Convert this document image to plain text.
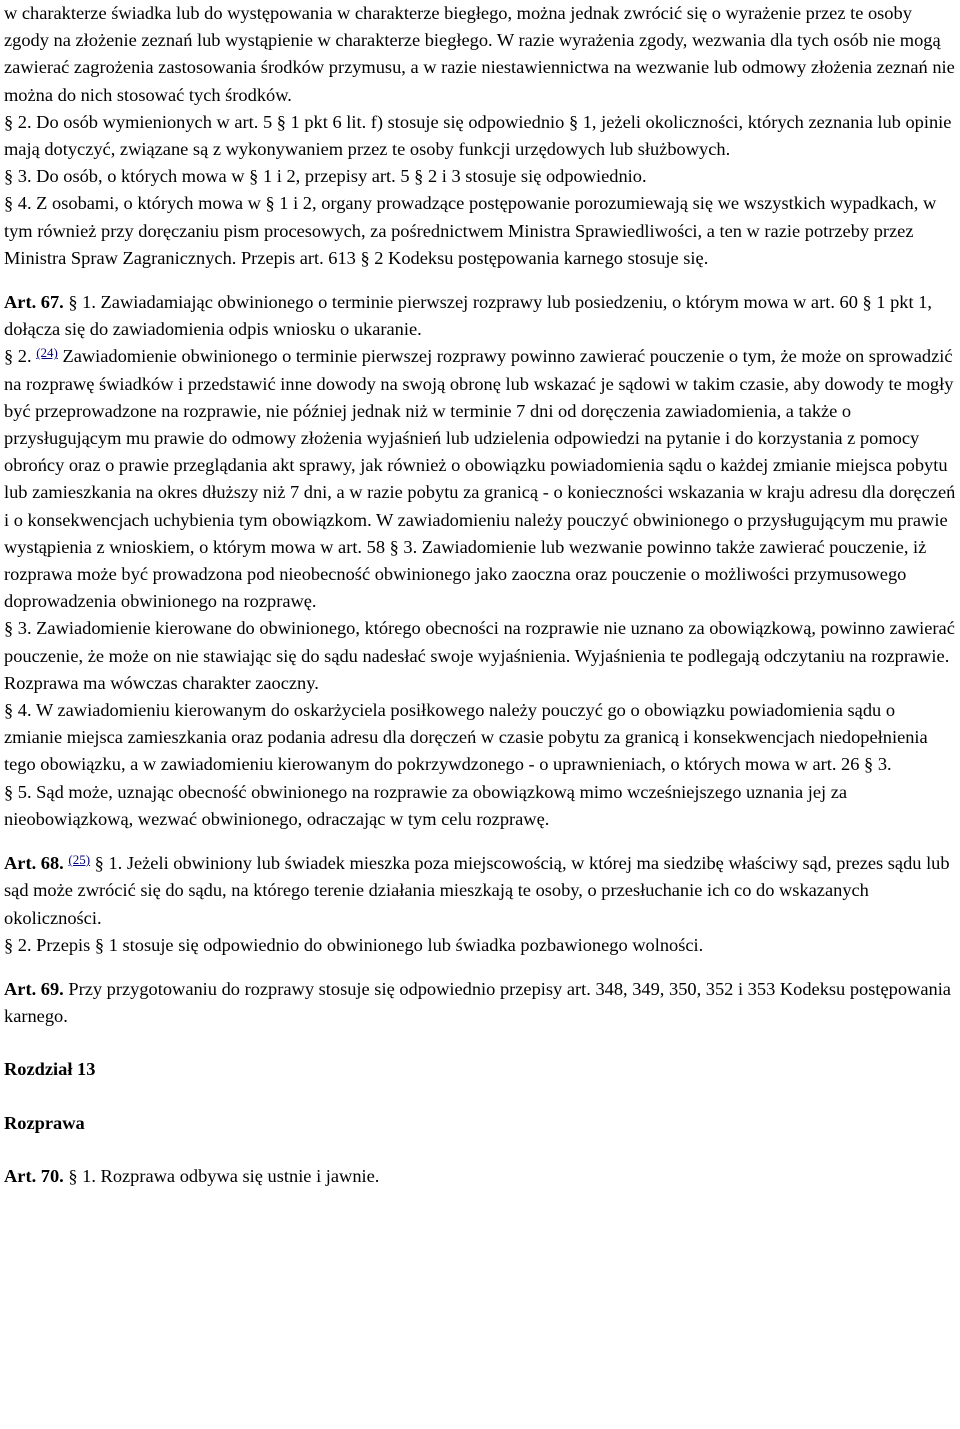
w charakterze świadka lub do występowania w charakterze biegłego, można jednak zwrócić się o wyrażenie przez te osoby zgody na złożenie zeznań lub wystąpienie w charakterze biegłego. W razie wyrażenia zgody, wezwania dla tych osób nie mogą zawierać zagrożenia zastosowania środków przymusu, a w razie niestawiennictwa na wezwanie lub odmowy złożenia zeznań nie można do nich stosować tych środków.

§ 2. Do osób wymienionych w art. 5 § 1 pkt 6 lit. f) stosuje się odpowiednio § 1, jeżeli okoliczności, których zeznania lub opinie mają dotyczyć, związane są z wykonywaniem przez te osoby funkcji urzędowych lub służbowych.

§ 3. Do osób, o których mowa w § 1 i 2, przepisy art. 5 § 2 i 3 stosuje się odpowiednio.

§ 4. Z osobami, o których mowa w § 1 i 2, organy prowadzące postępowanie porozumiewają się we wszystkich wypadkach, w tym również przy doręczaniu pism procesowych, za pośrednictwem Ministra Sprawiedliwości, a ten w razie potrzeby przez Ministra Spraw Zagranicznych. Przepis art. 613 § 2 Kodeksu postępowania karnego stosuje się.

Art. 67. § 1. Zawiadamiając obwinionego o terminie pierwszej rozprawy lub posiedzeniu, o którym mowa w art. 60 § 1 pkt 1, dołącza się do zawiadomienia odpis wniosku o ukaranie.

§ 2. $^{(24)}$ Zawiadomienie obwinionego o terminie pierwszej rozprawy powinno zawierać pouczenie o tym, że może on sprowadzić na rozprawę świadków i przedstawić inne dowody na swoją obronę lub wskazać je sądowi w takim czasie, aby dowody te mogły być przeprowadzone na rozprawie, nie później jednak niż w terminie 7 dni od doręczenia zawiadomienia, a także o przysługującym mu prawie do odmowy złożenia wyjaśnień lub udzielenia odpowiedzi na pytanie i do korzystania z pomocy obrońcy oraz o prawie przeglądania akt sprawy, jak również o obowiązku powiadomienia sądu o każdej zmianie miejsca pobytu lub zamieszkania na okres dłuższy niż 7 dni, a w razie pobytu za granicą - o konieczności wskazania w kraju adresu dla doręczeń i o konsekwencjach uchybienia tym obowiązkom. W zawiadomieniu należy pouczyć obwinionego o przysługującym mu prawie wystąpienia z wnioskiem, o którym mowa w art. 58 § 3. Zawiadomienie lub wezwanie powinno także zawierać pouczenie, iż rozprawa może być prowadzona pod nieobecność obwinionego jako zaoczna oraz pouczenie o możliwości przymusowego doprowadzenia obwinionego na rozprawę.

§ 3. Zawiadomienie kierowane do obwinionego, którego obecności na rozprawie nie uznano za obowiązkową, powinno zawierać pouczenie, że może on nie stawiając się do sądu nadesłać swoje wyjaśnienia. Wyjaśnienia te podlegają odczytaniu na rozprawie. Rozprawa ma wówczas charakter zaoczny.

§ 4. W zawiadomieniu kierowanym do oskarżyciela posiłkowego należy pouczyć go o obowiązku powiadomienia sądu o zmianie miejsca zamieszkania oraz podania adresu dla doręczeń w czasie pobytu za granicą i konsekwencjach niedopełnienia tego obowiązku, a w zawiadomieniu kierowanym do pokrzywdzonego - o uprawnieniach, o których mowa w art. 26 § 3.

§ 5. Sąd może, uznając obecność obwinionego na rozprawie za obowiązkową mimo wcześniejszego uznania jej za nieobowiązkową, wezwać obwinionego, odraczając w tym celu rozprawę.

Art. 68. $^{(25)}$ § 1. Jeżeli obwiniony lub świadek mieszka poza miejscowością, w której ma siedzibę właściwy sąd, prezes sądu lub sąd może zwrócić się do sądu, na którego terenie działania mieszkają te osoby, o przesłuchanie ich co do wskazanych okoliczności.

§ 2. Przepis § 1 stosuje się odpowiednio do obwinionego lub świadka pozbawionego wolności.

Art. 69. Przy przygotowaniu do rozprawy stosuje się odpowiednio przepisy art. 348, 349, 350, 352 i 353 Kodeksu postępowania karnego.

Rozdział 13

Rozprawa

Art. 70. § 1. Rozprawa odbywa się ustnie i jawnie.
